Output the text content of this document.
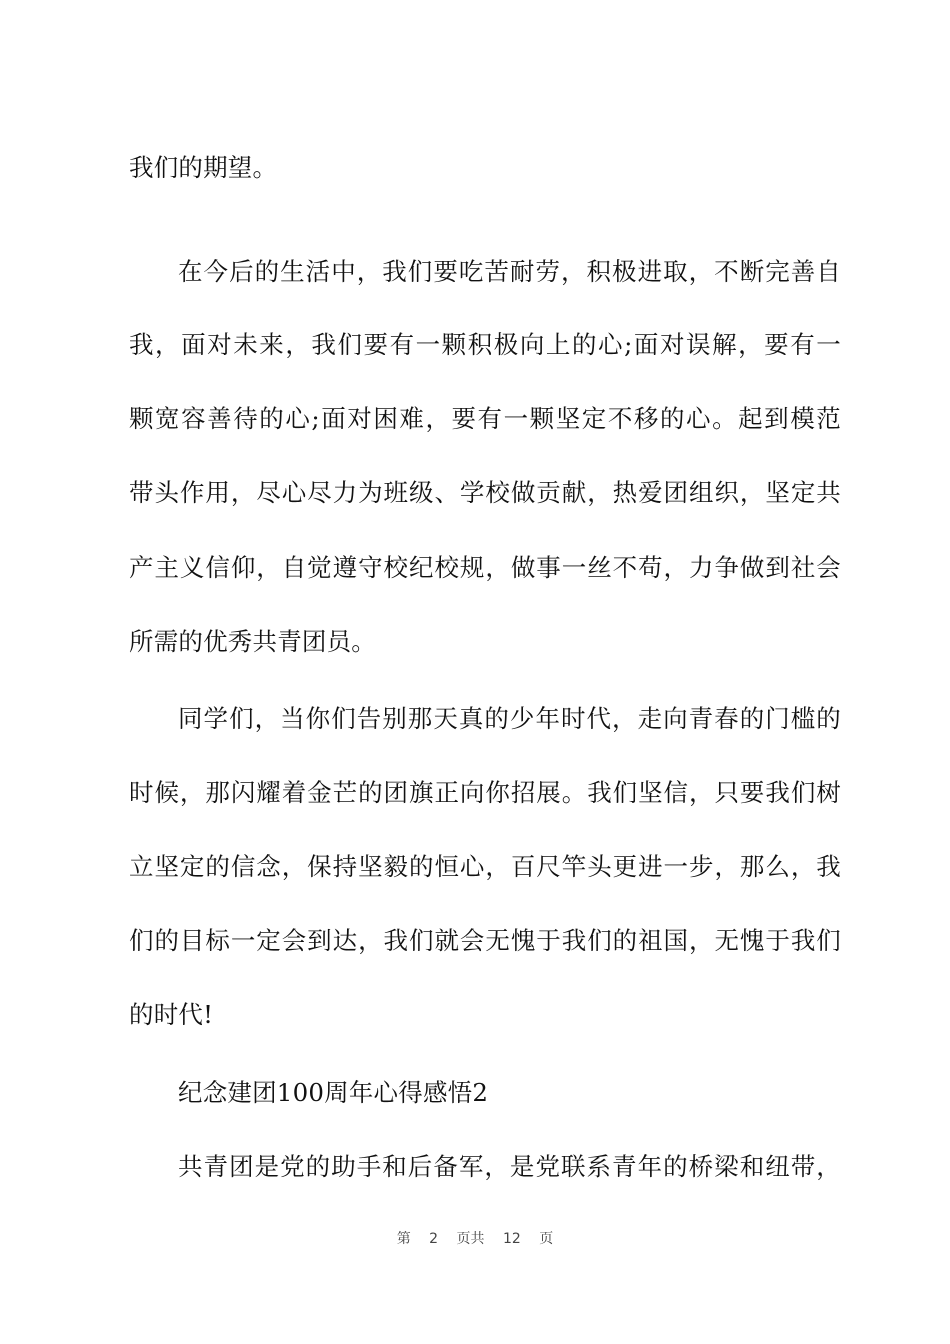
我们的期望。
在今后的生活中，我们要吃苦耐劳，积极进取，不断完善自
我，面对未来，我们要有一颗积极向上的心;面对误解，要有一
颗宽容善待的心;面对困难，要有一颗坚定不移的心。起到模范
带头作用，尽心尽力为班级、学校做贡献，热爱团组织，坚定共
产主义信仰，自觉遵守校纪校规，做事一丝不苟，力争做到社会
所需的优秀共青团员。
同学们，当你们告别那天真的少年时代，走向青春的门槛的
时候，那闪耀着金芒的团旗正向你招展。我们坚信，只要我们树
立坚定的信念，保持坚毅的恒心，百尺竿头更进一步，那么，我
们的目标一定会到达，我们就会无愧于我们的祖国，无愧于我们
的时代!
纪念建团100周年心得感悟2
共青团是党的助手和后备军，是党联系青年的桥梁和纽带，
第 2 页共 12 页
